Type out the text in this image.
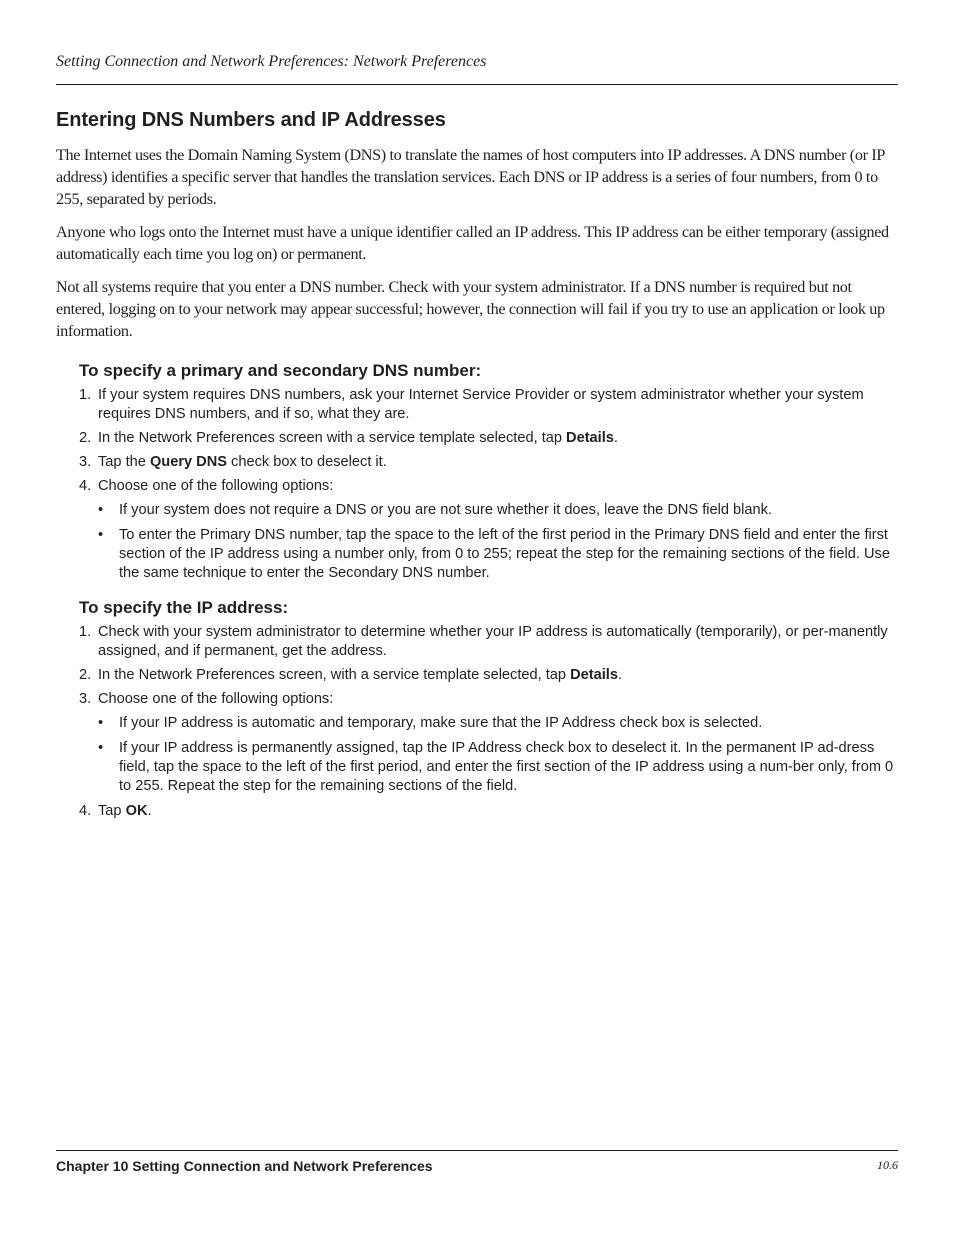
Setting Connection and Network Preferences: Network Preferences
Entering DNS Numbers and IP Addresses

The Internet uses the Domain Naming System (DNS) to translate the names of host computers into IP addresses. A DNS number (or IP address) identifies a specific server that handles the translation services. Each DNS or IP address is a series of four numbers, from 0 to 255, separated by periods.

Anyone who logs onto the Internet must have a unique identifier called an IP address. This IP address can be either temporary (assigned automatically each time you log on) or permanent.

Not all systems require that you enter a DNS number. Check with your system administrator. If a DNS number is required but not entered, logging on to your network may appear successful; however, the connection will fail if you try to use an application or look up information.

To specify a primary and secondary DNS number:
1. If your system requires DNS numbers, ask your Internet Service Provider or system administrator whether your system requires DNS numbers, and if so, what they are.
2. In the Network Preferences screen with a service template selected, tap Details.
3. Tap the Query DNS check box to deselect it.
4. Choose one of the following options:
• If your system does not require a DNS or you are not sure whether it does, leave the DNS field blank.
• To enter the Primary DNS number, tap the space to the left of the first period in the Primary DNS field and enter the first section of the IP address using a number only, from 0 to 255; repeat the step for the remaining sections of the field. Use the same technique to enter the Secondary DNS number.
To specify the IP address:
1. Check with your system administrator to determine whether your IP address is automatically (temporarily), or per-manently assigned, and if permanent, get the address.
2. In the Network Preferences screen, with a service template selected, tap Details.
3. Choose one of the following options:
• If your IP address is automatic and temporary, make sure that the IP Address check box is selected.
• If your IP address is permanently assigned, tap the IP Address check box to deselect it. In the permanent IP ad-dress field, tap the space to the left of the first period, and enter the first section of the IP address using a num-ber only, from 0 to 255. Repeat the step for the remaining sections of the field.
4. Tap OK.
Chapter 10 Setting Connection and Network Preferences	10.6
